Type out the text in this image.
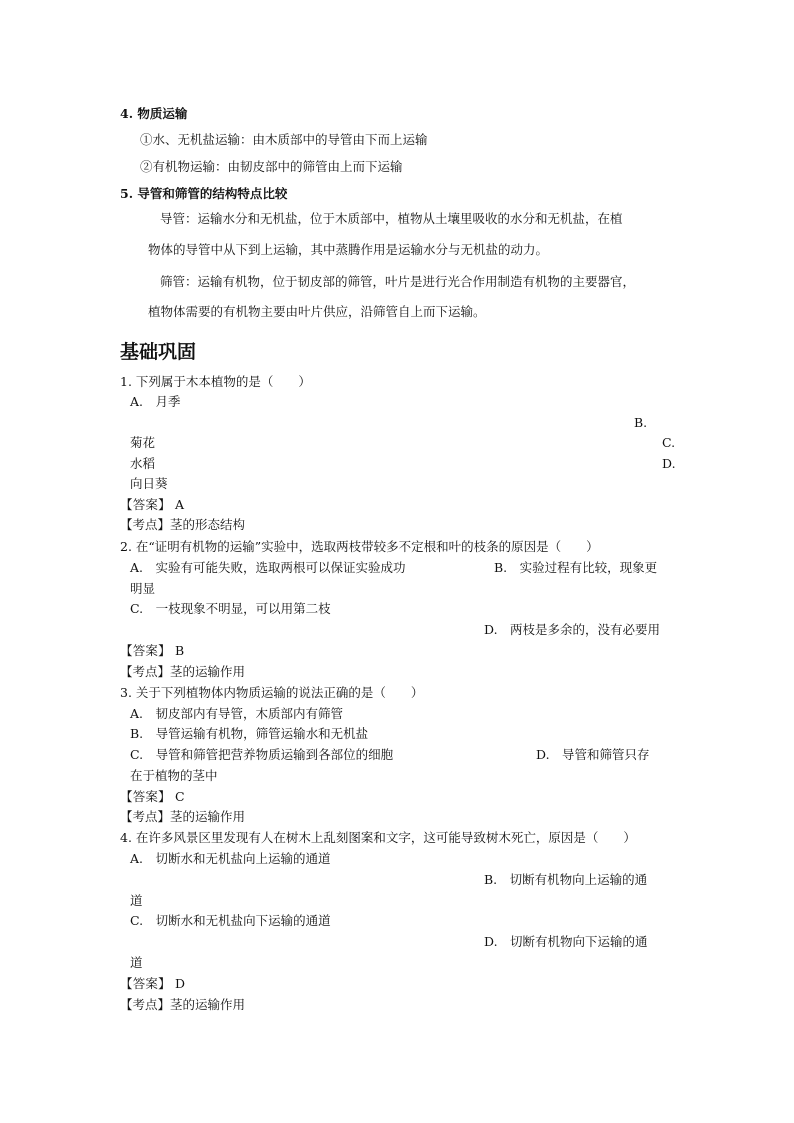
4. 物质运输
①水、无机盐运输：由木质部中的导管由下而上运输
②有机物运输：由韧皮部中的筛管由上而下运输
5. 导管和筛管的结构特点比较
导管：运输水分和无机盐，位于木质部中，植物从土壤里吸收的水分和无机盐，在植
物体的导管中从下到上运输，其中蒸腾作用是运输水分与无机盐的动力。
筛管：运输有机物，位于韧皮部的筛管，叶片是进行光合作用制造有机物的主要器官，
植物体需要的有机物主要由叶片供应，沿筛管自上而下运输。
基础巩固
1. 下列属于木本植物的是（　　）
A.　月季
B.
菊花	C.
水稻	D.
向日葵
【答案】 A
【考点】茎的形态结构
2. 在“证明有机物的运输”实验中，选取两枝带较多不定根和叶的枝条的原因是（　　）
A.　实验有可能失败，选取两根可以保证实验成功	B.　实验过程有比较，现象更
明显
C.　一枝现象不明显，可以用第二枝
D.　两枝是多余的，没有必要用
【答案】 B
【考点】茎的运输作用
3. 关于下列植物体内物质运输的说法正确的是（　　）
A.　韧皮部内有导管，木质部内有筛管
B.　导管运输有机物，筛管运输水和无机盐
C.　导管和筛管把营养物质运输到各部位的细胞	D.　导管和筛管只存
在于植物的茎中
【答案】 C
【考点】茎的运输作用
4. 在许多风景区里发现有人在树木上乱刻图案和文字，这可能导致树木死亡，原因是（　　）
A.　切断水和无机盐向上运输的通道
B.　切断有机物向上运输的通
道
C.　切断水和无机盐向下运输的通道
D.　切断有机物向下运输的通
道
【答案】 D
【考点】茎的运输作用
